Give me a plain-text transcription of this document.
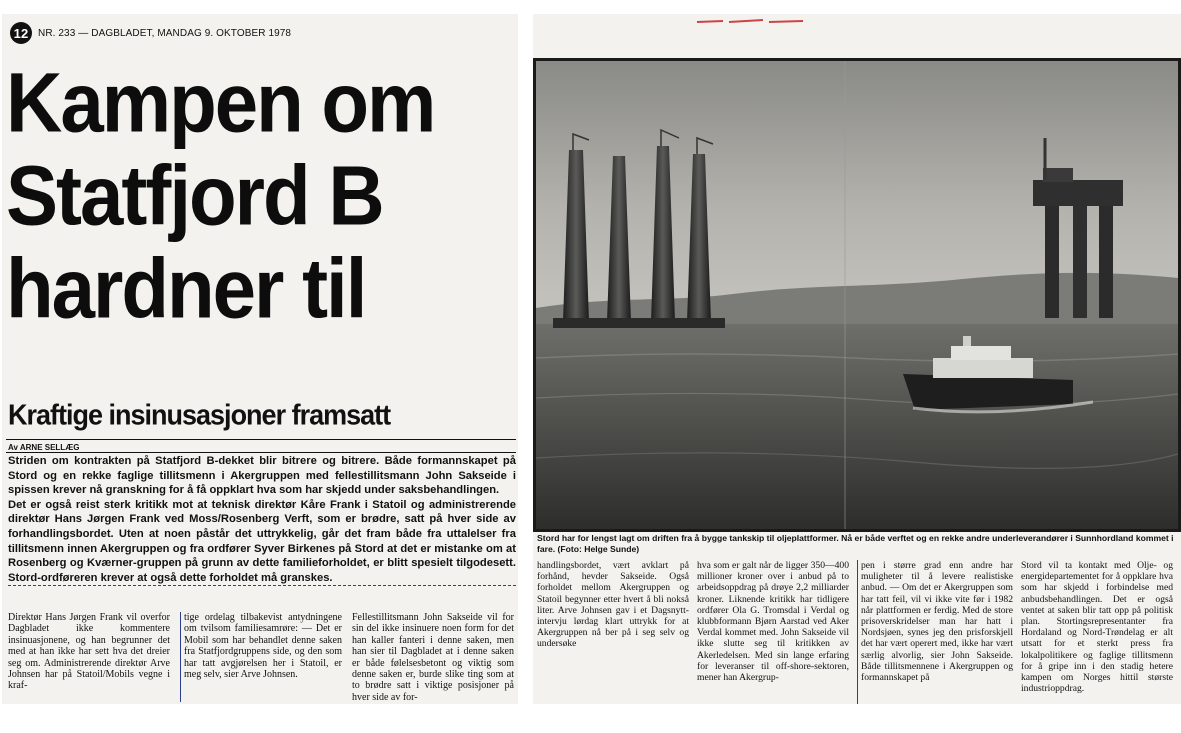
12 NR. 233 — DAGBLADET, MANDAG 9. OKTOBER 1978
Kampen om
Statfjord B
hardner til
Kraftige insinusasjoner framsatt
Av ARNE SELLÆG

Striden om kontrakten på Statfjord B-dekket blir bitrere og bitrere. Både formannskapet på Stord og en rekke faglige tillitsmenn i Akergruppen med fellestillitsmann John Sakseide i spissen krever nå granskning for å få oppklart hva som har skjedd under saksbehandlingen.

Det er også reist sterk kritikk mot at teknisk direktør Kåre Frank i Statoil og administrerende direktør Hans Jørgen Frank ved Moss/Rosenberg Verft, som er brødre, satt på hver side av forhandlingsbordet. Uten at noen påstår det uttrykkelig, går det fram både fra uttalelser fra tillitsmenn innen Akergruppen og fra ordfører Syver Birkenes på Stord at det er mistanke om at Rosenberg og Kværner-gruppen på grunn av dette familieforholdet, er blitt spesielt tilgodesett. Stord-ordføreren krever at også dette forholdet må granskes.

Direktør Hans Jørgen Frank vil overfor Dagbladet ikke kommentere insinuasjonene, og han begrunner det med at han ikke har sett hva det dreier seg om. Administrerende direktør Arve Johnsen har på Statoil/Mobils vegne i kraf-
tige ordelag tilbakevist antydningene om tvilsom familiesamrøre: — Det er Mobil som har behandlet denne saken fra Statfjordgruppens side, og den som har tatt avgjørelsen her i Statoil, er meg selv, sier Arve Johnsen.
Fellestillitsmann John Sakseide vil for sin del ikke insinuere noen form for det han kaller fanteri i denne saken, men han sier til Dagbladet at i denne saken er både følelsesbetont og viktig som denne saken er, burde slike ting som at to brødre satt i viktige posisjoner på hver side av for-
Stord har for lengst lagt om driften fra å bygge tankskip til oljeplattformer. Nå er både verftet og en rekke andre underleverandører i Sunnhordland kommet i fare. (Foto: Helge Sunde)
handlingsbordet, vært avklart på forhånd, hevder Sakseide. Også forholdet mellom Akergruppen og Statoil begynner etter hvert å bli nokså liter. Arve Johnsen gav i et Dagsnytt-intervju lørdag klart uttrykk for at Akergruppen nå ber på i seg selv og undersøke
hva som er galt når de ligger 350—400 millioner kroner over i anbud på to arbeidsoppdrag på drøye 2,2 milliarder kroner. Liknende kritikk har tidligere ordfører Ola G. Tromsdal i Verdal og klubbformann Bjørn Aarstad ved Aker Verdal kommet med. John Sakseide vil ikke slutte seg til kritikken av Akerledelsen. Med sin lange erfaring for leveranser til off-shore-sektoren, mener han Akergrup-
pen i større grad enn andre har muligheter til å levere realistiske anbud. — Om det er Akergruppen som har tatt feil, vil vi ikke vite før i 1982 når plattformen er ferdig. Med de store prisoverskridelser man har hatt i Nordsjøen, synes jeg den prisforskjell det har vært operert med, ikke har vært særlig alvorlig, sier John Sakseide. Både tillitsmennene i Akergruppen og formannskapet på
Stord vil ta kontakt med Olje- og energidepartementet for å oppklare hva som har skjedd i forbindelse med anbudsbehandlingen. Det er også ventet at saken blir tatt opp på politisk plan. Stortingsrepresentanter fra Hordaland og Nord-Trøndelag er alt utsatt for et sterkt press fra lokalpolitikere og faglige tillitsmenn for å gripe inn i den stadig hetere kampen om Norges hittil største industrioppdrag.
